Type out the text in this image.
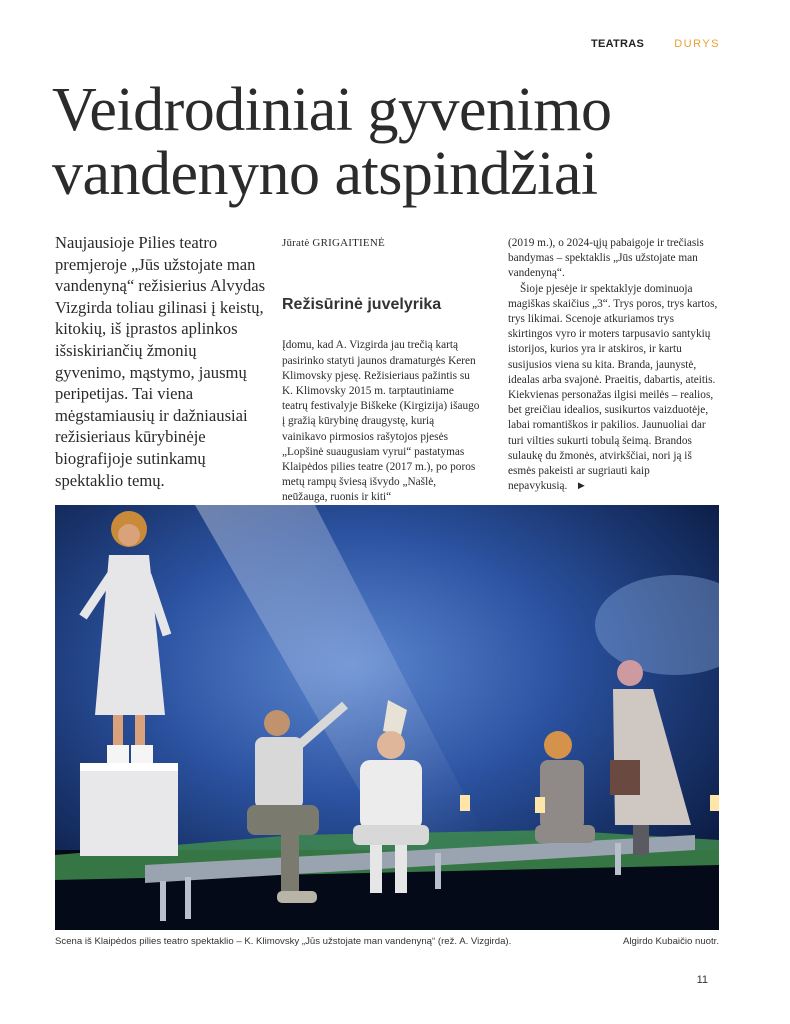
TEATRAS	DURYS
Veidrodiniai gyvenimo
vandenyno atspindžiai

Naujausioje Pilies teatro premjeroje „Jūs užstojate man vandenyną“ režisierius Alvydas Vizgirda toliau gilinasi į keistų, kitokių, iš įprastos aplinkos išsiskiriančių žmonių gyvenimo, mąstymo, jausmų peripetijas. Tai viena mėgstamiausių ir dažniausiai režisieriaus kūrybinėje biografijoje sutinkamų spektaklio temų.

Jūratė GRIGAITIENĖ

Režisūrinė juvelyrika

Įdomu, kad A. Vizgirda jau trečią kartą pasirinko statyti jaunos dramaturgės Keren Klimovsky pjesę. Režisieriaus pažintis su K. Klimovsky 2015 m. tarptautiniame teatrų festivalyje Biškeke (Kirgizija) išaugo į gražią kūrybinę draugystę, kurią vainikavo pirmosios rašytojos pjesės „Lopšinė suaugusiam vyrui“ pastatymas Klaipėdos pilies teatre (2017 m.), po poros metų rampų šviesą išvydo „Našlė, neūžauga, ruonis ir kiti“

(2019 m.), o 2024-ųjų pabaigoje ir trečiasis bandymas – spektaklis „Jūs užstojate man vandenyną“.

Šioje pjesėje ir spektaklyje dominuoja magiškas skaičius „3“. Trys poros, trys kartos, trys likimai. Scenoje atkuriamos trys skirtingos vyro ir moters tarpusavio santykių istorijos, kurios yra ir atskiros, ir kartu susijusios viena su kita. Branda, jaunystė, idealas arba svajonė. Praeitis, dabartis, ateitis. Kiekvienas personažas ilgisi meilės – realios, bet greičiau idealios, susikurtos vaizduotėje, labai romantiškos ir pakilios. Jaunuoliai dar turi vilties sukurti tobulą šeimą. Brandos sulaukę du žmonės, atvirkščiai, nori ją iš esmės pakeisti ar sugriauti kaip nepavykusią. ►

Scena iš Klaipėdos pilies teatro spektaklio – K. Klimovsky „Jūs užstojate man vandenyną“ (rež. A. Vizgirda).	Algirdo Kubaičio nuotr.
11
